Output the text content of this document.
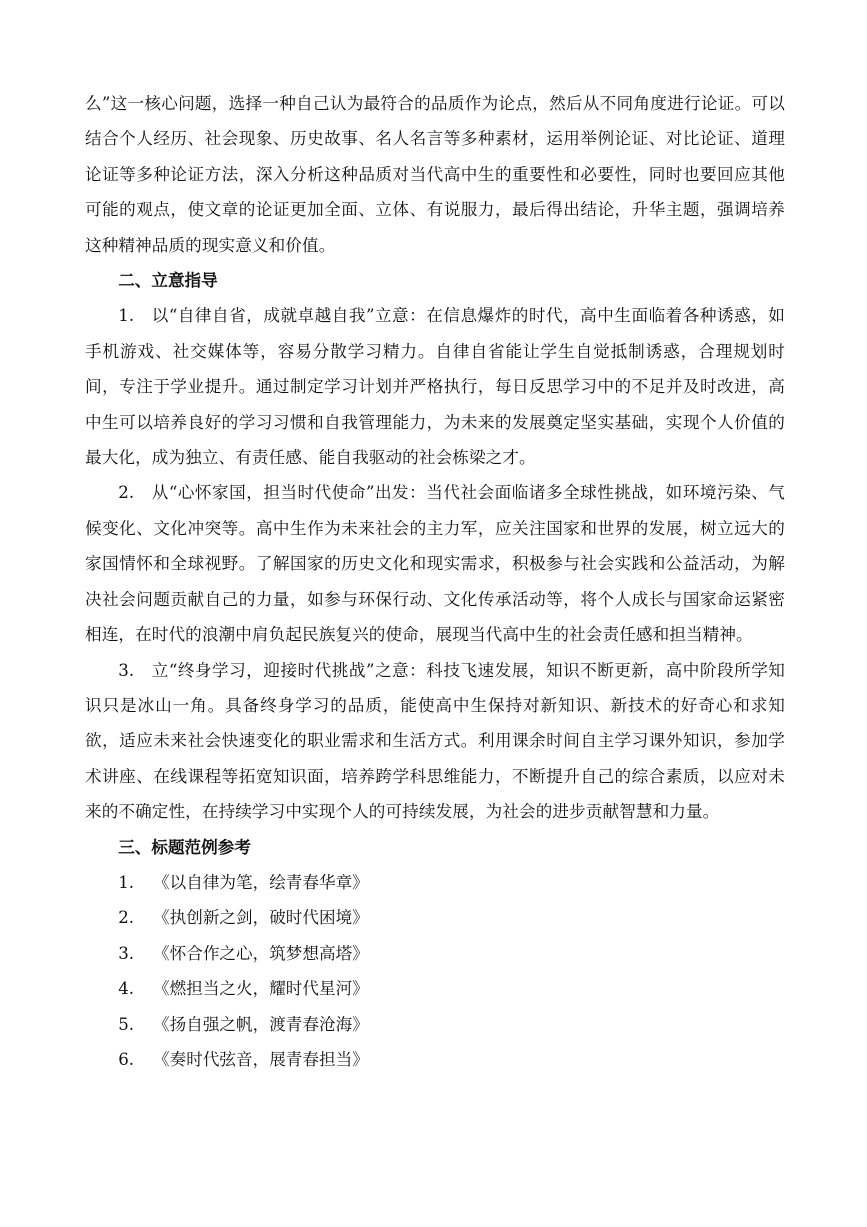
么”这一核心问题，选择一种自己认为最符合的品质作为论点，然后从不同角度进行论证。可以结合个人经历、社会现象、历史故事、名人名言等多种素材，运用举例论证、对比论证、道理论证等多种论证方法，深入分析这种品质对当代高中生的重要性和必要性，同时也要回应其他可能的观点，使文章的论证更加全面、立体、有说服力，最后得出结论，升华主题，强调培养这种精神品质的现实意义和价值。

二、立意指导

1.　以“自律自省，成就卓越自我”立意：在信息爆炸的时代，高中生面临着各种诱惑，如手机游戏、社交媒体等，容易分散学习精力。自律自省能让学生自觉抵制诱惑，合理规划时间，专注于学业提升。通过制定学习计划并严格执行，每日反思学习中的不足并及时改进，高中生可以培养良好的学习习惯和自我管理能力，为未来的发展奠定坚实基础，实现个人价值的最大化，成为独立、有责任感、能自我驱动的社会栋梁之才。

2.　从“心怀家国，担当时代使命”出发：当代社会面临诸多全球性挑战，如环境污染、气候变化、文化冲突等。高中生作为未来社会的主力军，应关注国家和世界的发展，树立远大的家国情怀和全球视野。了解国家的历史文化和现实需求，积极参与社会实践和公益活动，为解决社会问题贡献自己的力量，如参与环保行动、文化传承活动等，将个人成长与国家命运紧密相连，在时代的浪潮中肩负起民族复兴的使命，展现当代高中生的社会责任感和担当精神。

3.　立“终身学习，迎接时代挑战”之意：科技飞速发展，知识不断更新，高中阶段所学知识只是冰山一角。具备终身学习的品质，能使高中生保持对新知识、新技术的好奇心和求知欲，适应未来社会快速变化的职业需求和生活方式。利用课余时间自主学习课外知识，参加学术讲座、在线课程等拓宽知识面，培养跨学科思维能力，不断提升自己的综合素质，以应对未来的不确定性，在持续学习中实现个人的可持续发展，为社会的进步贡献智慧和力量。

三、标题范例参考

1. 《以自律为笔，绘青春华章》

2. 《执创新之剑，破时代困境》

3. 《怀合作之心，筑梦想高塔》

4. 《燃担当之火，耀时代星河》

5. 《扬自强之帆，渡青春沧海》

6. 《奏时代弦音，展青春担当》
